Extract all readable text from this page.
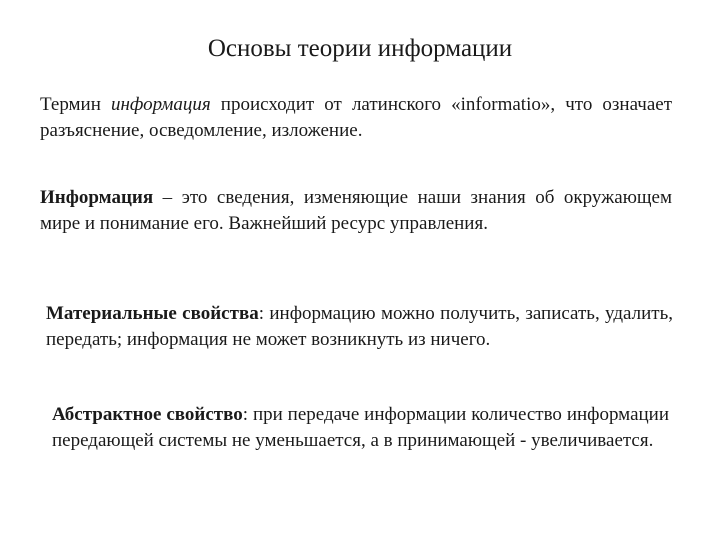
Основы теории информации
Термин информация происходит от латинского «informatio», что означает разъяснение, осведомление, изложение.
Информация – это сведения, изменяющие наши знания об окружающем мире и понимание его. Важнейший ресурс управления.
Материальные свойства: информацию можно получить, записать, удалить, передать; информация не может возникнуть из ничего.
Абстрактное свойство: при передаче информации количество информации передающей системы не уменьшается, а в принимающей - увеличивается.
